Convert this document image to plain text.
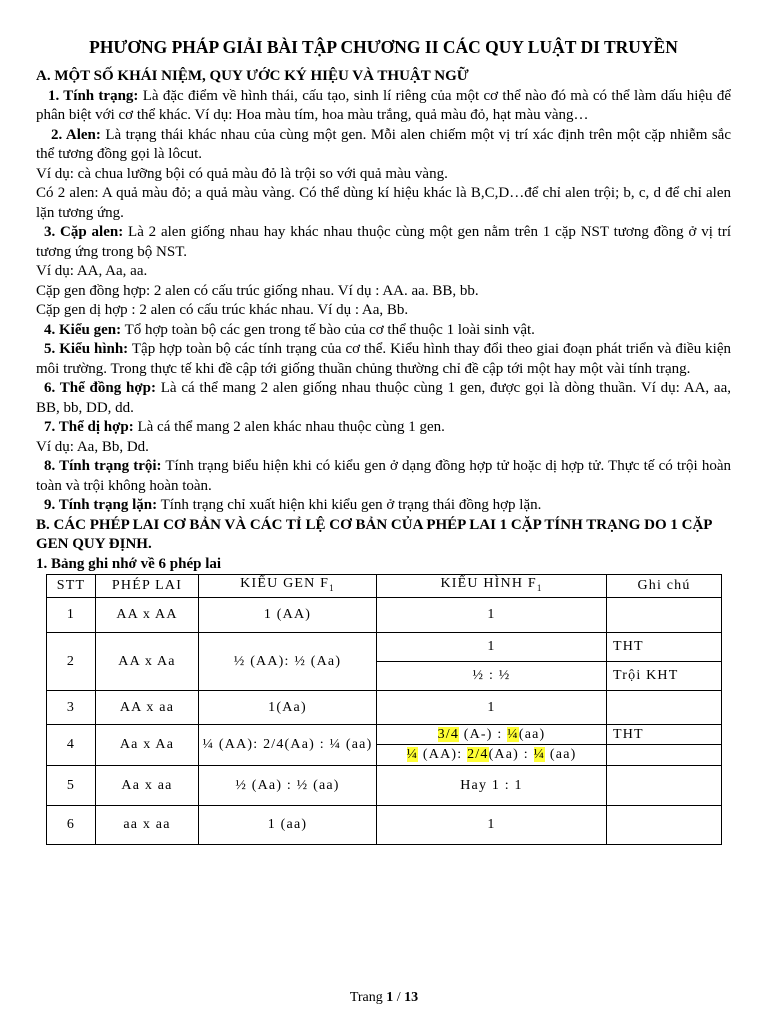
PHƯƠNG PHÁP GIẢI BÀI TẬP CHƯƠNG II CÁC QUY LUẬT DI TRUYỀN

A. MỘT SỐ KHÁI NIỆM, QUY ƯỚC KÝ HIỆU VÀ THUẬT NGỮ

1. Tính trạng: Là đặc điểm về hình thái, cấu tạo, sinh lí riêng của một cơ thể nào đó mà có thể làm dấu hiệu để phân biệt với cơ thể khác. Ví dụ: Hoa màu tím, hoa màu trắng, quả màu đỏ, hạt màu vàng…

2. Alen: Là trạng thái khác nhau của cùng một gen. Mỗi alen chiếm một vị trí xác định trên một cặp nhiễm sắc thể tương đồng gọi là lôcut.

Ví dụ: cà chua lưỡng bội có quả màu đỏ là trội so với quả màu vàng.

Có 2 alen: A quả màu đỏ; a quả màu vàng. Có thể dùng kí hiệu khác là B,C,D…để chỉ alen trội; b, c, d để chỉ alen lặn tương ứng.

3. Cặp alen: Là 2 alen giống nhau hay khác nhau thuộc cùng một gen nằm trên 1 cặp NST tương đồng ở vị trí tương ứng trong bộ NST.

Ví dụ: AA, Aa, aa.

Cặp gen đồng hợp: 2 alen có cấu trúc giống nhau. Ví dụ : AA. aa. BB, bb.

Cặp gen dị hợp : 2 alen có cấu trúc khác nhau. Ví dụ : Aa, Bb.

4. Kiểu gen: Tổ hợp toàn bộ các gen trong tế bào của cơ thể thuộc 1 loài sinh vật.

5. Kiểu hình: Tập hợp toàn bộ các tính trạng của cơ thể. Kiểu hình thay đổi theo giai đoạn phát triển và điều kiện môi trường. Trong thực tế khi đề cập tới giống thuần chủng thường chỉ đề cập tới một hay một vài tính trạng.

6. Thể đồng hợp: Là cá thể mang 2 alen giống nhau thuộc cùng 1 gen, được gọi là dòng thuần. Ví dụ: AA, aa, BB, bb, DD, dd.

7. Thể dị hợp: Là cá thể mang 2 alen khác nhau thuộc cùng 1 gen.

Ví dụ: Aa, Bb, Dd.

8. Tính trạng trội: Tính trạng biểu hiện khi có kiểu gen ở dạng đồng hợp tử hoặc dị hợp tử. Thực tế có trội hoàn toàn và trội không hoàn toàn.

9. Tính trạng lặn: Tính trạng chỉ xuất hiện khi kiểu gen ở trạng thái đồng hợp lặn.

B. CÁC PHÉP LAI CƠ BẢN VÀ CÁC TỈ LỆ CƠ BẢN CỦA PHÉP LAI 1 CẶP TÍNH TRẠNG DO 1 CẶP GEN QUY ĐỊNH.

1. Bảng ghi nhớ về 6 phép lai

STT	PHÉP LAI	KIỂU GEN $F_1$	KIỂU HÌNH $F_1$	Ghi chú
1	AA x AA	1 (AA)	1	
2	AA x Aa	½ (AA): ½ (Aa)	1	THT
			½ : ½	Trội KHT
3	AA x aa	1(Aa)	1	
4	Aa x Aa	¼ (AA): 2/4(Aa) : ¼ (aa)	3/4 (A-) : ¼(aa)	THT
			¼ (AA): 2/4(Aa) : ¼ (aa)	
5	Aa x aa	½ (Aa) : ½ (aa)	Hay 1 : 1	
6	aa x aa	1 (aa)	1	
Trang 1 / 13
